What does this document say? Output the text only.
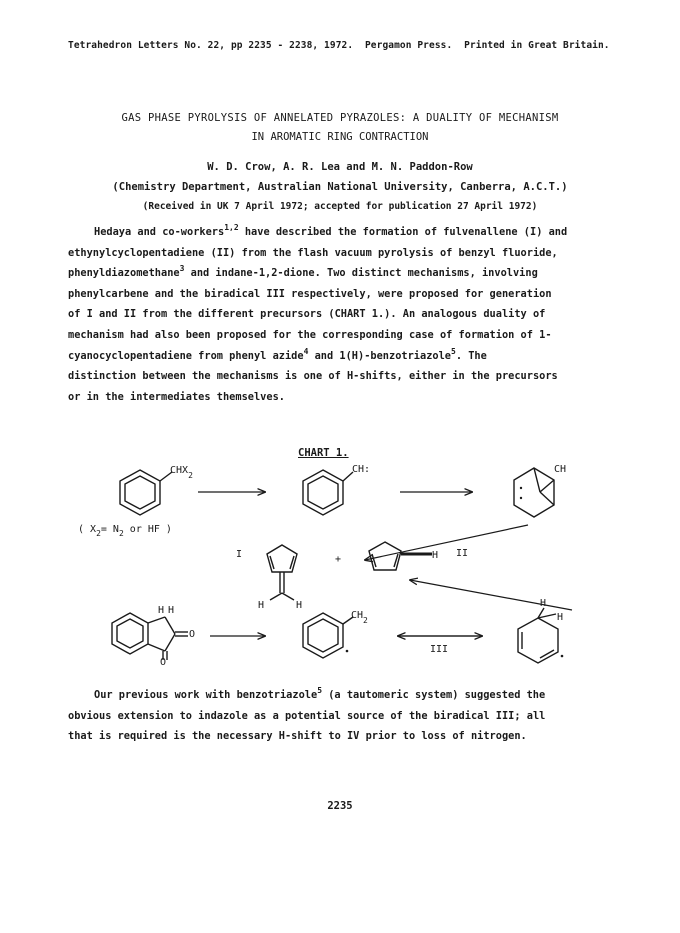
Tetrahedron Letters No. 22, pp 2235 - 2238, 1972. Pergamon Press. Printed in Great Britain.
GAS PHASE PYROLYSIS OF ANNELATED PYRAZOLES: A DUALITY OF MECHANISM
IN AROMATIC RING CONTRACTION
W. D. Crow, A. R. Lea and M. N. Paddon-Row
(Chemistry Department, Australian National University, Canberra, A.C.T.)
(Received in UK 7 April 1972; accepted for publication 27 April 1972)
Hedaya and co-workers$^{1,2}$ have described the formation of fulvenallene (I) and
ethynylcyclopentadiene (II) from the flash vacuum pyrolysis of benzyl fluoride,
phenyldiazomethane$^3$ and indane-1,2-dione. Two distinct mechanisms, involving
phenylcarbene and the biradical III respectively, were proposed for generation
of I and II from the different precursors (CHART 1.). An analogous duality of
mechanism had also been proposed for the corresponding case of formation of 1-
cyanocyclopentadiene from phenyl azide$^4$ and 1(H)-benzotriazole$^5$. The
distinction between the mechanisms is one of H-shifts, either in the precursors
or in the intermediates themselves.
CHART 1.
$CHX_2$
( $X_2= N_2$ or HF )
CH:	CH
I
H	H
+	H II
H H
O
O
$CH_2$
III
H
H
Our previous work with benzotriazole$^5$ (a tautomeric system) suggested the
obvious extension to indazole as a potential source of the biradical III; all
that is required is the necessary H-shift to IV prior to loss of nitrogen.
2235
